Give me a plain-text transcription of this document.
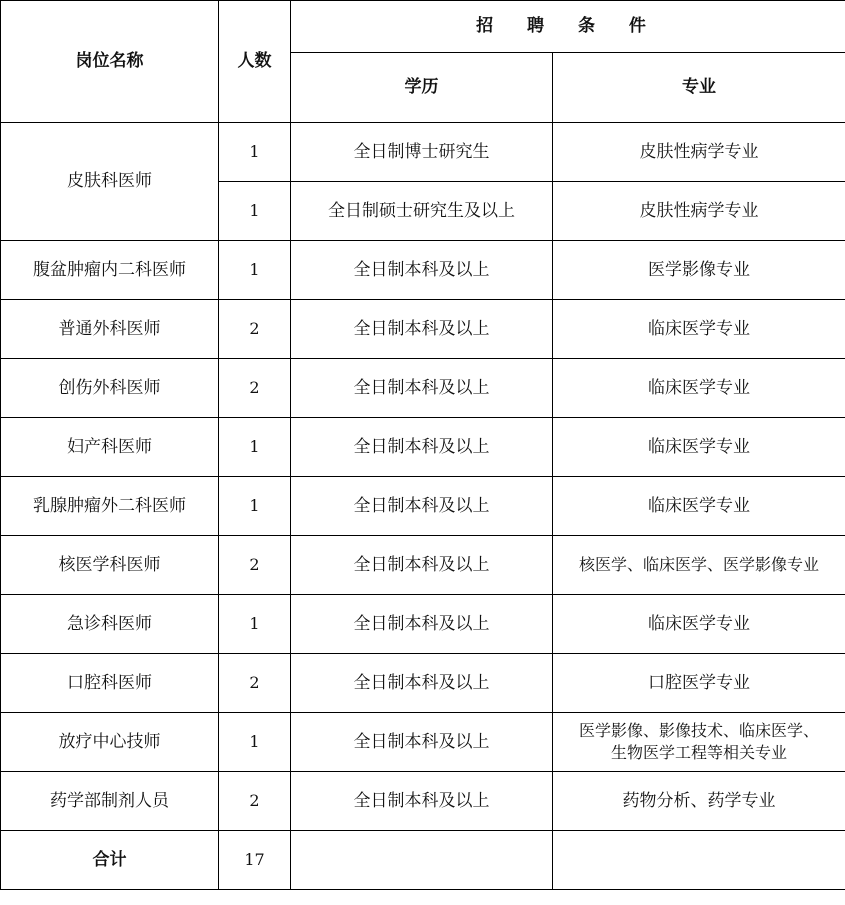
岗位名称	人数	招 聘 条 件	
		学历	专业
皮肤科医师	1	全日制博士研究生	皮肤性病学专业
	1	全日制硕士研究生及以上	皮肤性病学专业
腹盆肿瘤内二科医师	1	全日制本科及以上	医学影像专业
普通外科医师	2	全日制本科及以上	临床医学专业
创伤外科医师	2	全日制本科及以上	临床医学专业
妇产科医师	1	全日制本科及以上	临床医学专业
乳腺肿瘤外二科医师	1	全日制本科及以上	临床医学专业
核医学科医师	2	全日制本科及以上	核医学、临床医学、医学影像专业
急诊科医师	1	全日制本科及以上	临床医学专业
口腔科医师	2	全日制本科及以上	口腔医学专业
放疗中心技师	1	全日制本科及以上	医学影像、影像技术、临床医学、
生物医学工程等相关专业

药学部制剂人员	2	全日制本科及以上	药物分析、药学专业
合计	17		
